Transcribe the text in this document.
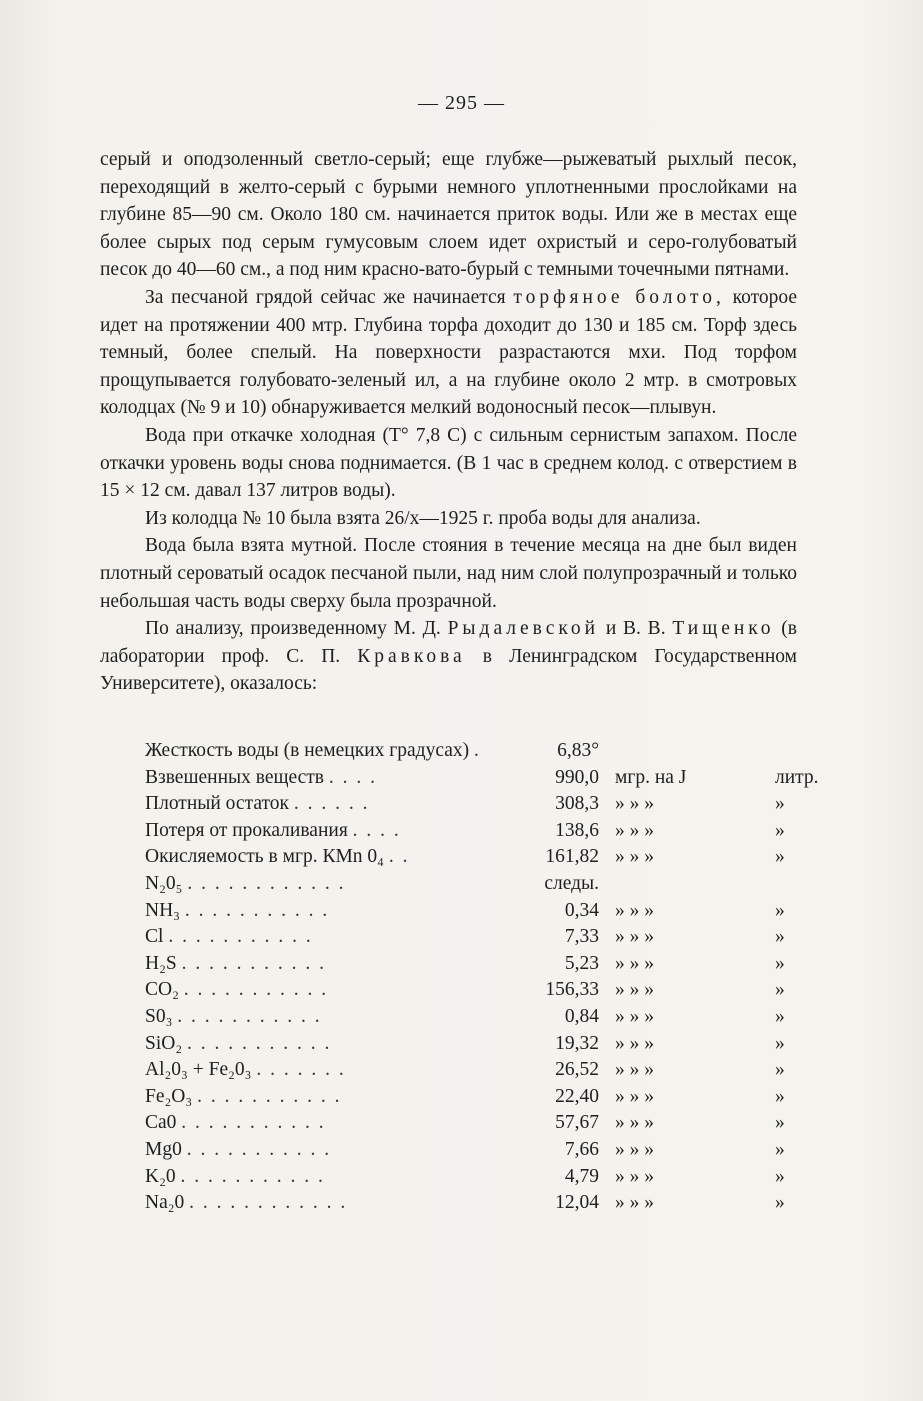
— 295 —

серый и оподзоленный светло-серый; еще глубже—рыжеватый рыхлый песок, переходящий в желто-серый с бурыми немного уплотненными прослойками на глубине 85—90 см. Около 180 см. начинается приток воды. Или же в местах еще более сырых под серым гумусовым слоем идет охристый и серо-голубоватый песок до 40—60 см., а под ним красно-вато-бурый с темными точечными пятнами.

За песчаной грядой сейчас же начинается торфяное болото, которое идет на протяжении 400 мтр. Глубина торфа доходит до 130 и 185 см. Торф здесь темный, более спелый. На поверхности разрастаются мхи. Под торфом прощупывается голубовато-зеленый ил, а на глубине около 2 мтр. в смотровых колодцах (№ 9 и 10) обнаруживается мелкий водоносный песок—плывун.

Вода при откачке холодная (T° 7,8 С) с сильным сернистым запахом. После откачки уровень воды снова поднимается. (В 1 час в среднем колод. с отверстием в 15 × 12 см. давал 137 литров воды).

Из колодца № 10 была взята 26/x—1925 г. проба воды для анализа.

Вода была взята мутной. После стояния в течение месяца на дне был виден плотный сероватый осадок песчаной пыли, над ним слой полупрозрачный и только небольшая часть воды сверху была прозрачной.

По анализу, произведенному М. Д. Рыдалевской и В. В. Тищенко (в лаборатории проф. С. П. Кравкова в Ленинградском Государственном Университете), оказалось:

Жесткость воды (в немецких градусах) .	6,83°		
Взвешенных веществ . . . .	990,0	мгр. на J	литр.
Плотный остаток . . . . . .	308,3	» » »	»
Потеря от прокаливания . . . .	138,6	» » »	»
Окисляемость в мгр. КМn 0₄ . .	161,82	» » »	»
N₂0₅ . . . . . . . . . . . .	следы.		
NH₃ . . . . . . . . . . .	0,34	» » »	»
Cl . . . . . . . . . . .	7,33	» » »	»
H₂S . . . . . . . . . . .	5,23	» » »	»
CO₂ . . . . . . . . . . .	156,33	» » »	»
S0₃ . . . . . . . . . . .	0,84	» » »	»
SiO₂ . . . . . . . . . . .	19,32	» » »	»
Al₂0₃ + Fe₂0₃ . . . . . . .	26,52	» » »	»
Fe₂O₃ . . . . . . . . . . .	22,40	» » »	»
Ca0 . . . . . . . . . . .	57,67	» » »	»
Mg0 . . . . . . . . . . .	7,66	» » »	»
K₂0 . . . . . . . . . . .	4,79	» » »	»
Na₂0 . . . . . . . . . . . .	12,04	» » »	»
